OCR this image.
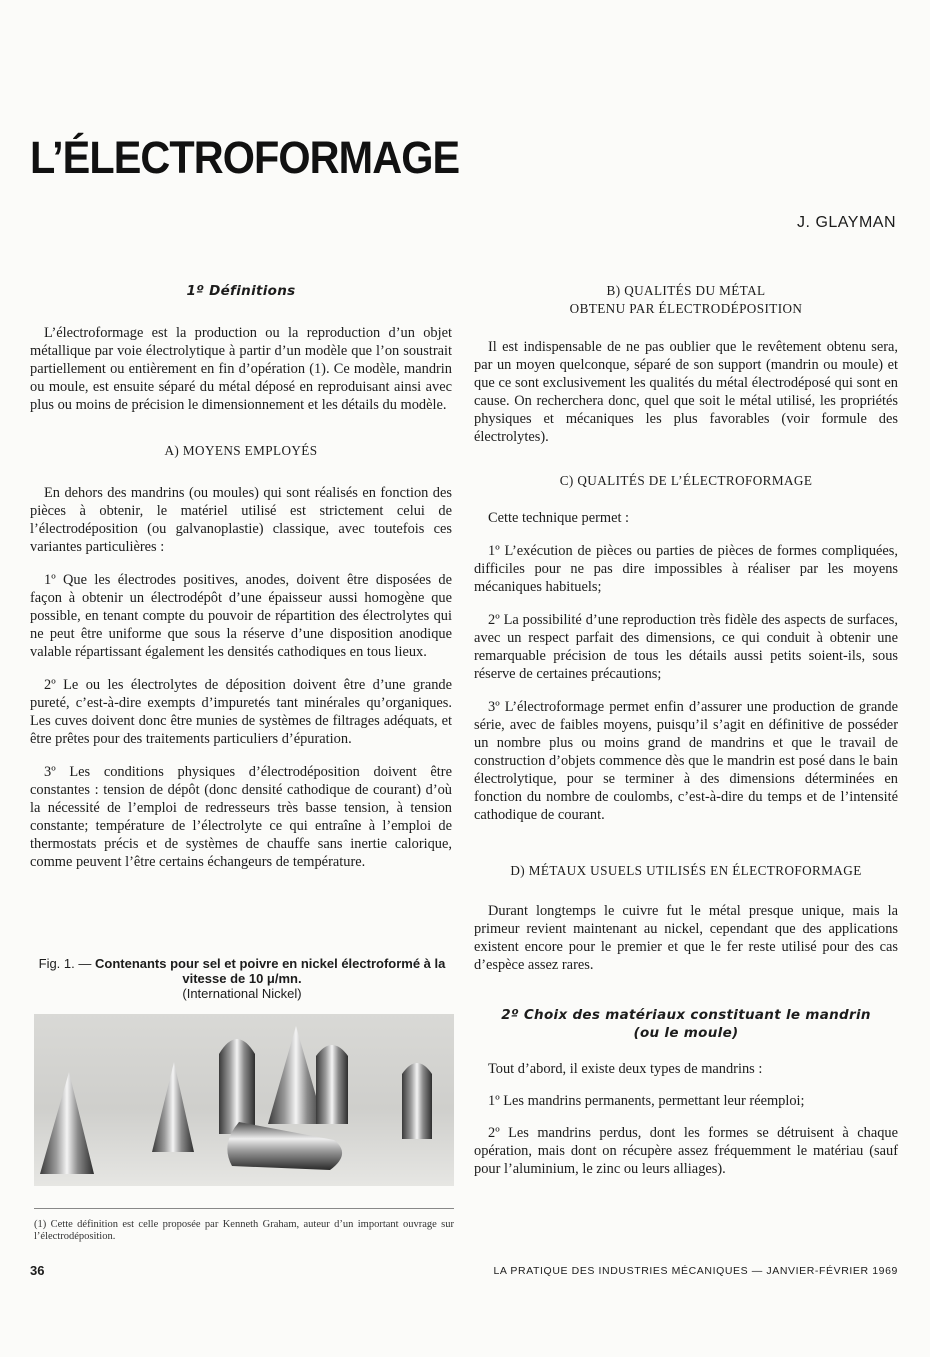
L’ÉLECTROFORMAGE
J. GLAYMAN
1º Définitions

L’électroformage est la production ou la reproduction d’un objet métallique par voie électrolytique à partir d’un modèle que l’on soustrait partiellement ou entièrement en fin d’opération (1). Ce modèle, mandrin ou moule, est ensuite séparé du métal déposé en reproduisant ainsi avec plus ou moins de précision le dimensionnement et les détails du modèle.

A) MOYENS EMPLOYÉS

En dehors des mandrins (ou moules) qui sont réalisés en fonction des pièces à obtenir, le matériel utilisé est strictement celui de l’électrodéposition (ou galvanoplastie) classique, avec toutefois ces variantes particulières :

1º Que les électrodes positives, anodes, doivent être disposées de façon à obtenir un électrodépôt d’une épaisseur aussi homogène que possible, en tenant compte du pouvoir de répartition des électrolytes qui ne peut être uniforme que sous la réserve d’une disposition anodique valable répartissant également les densités cathodiques en tous lieux.

2º Le ou les électrolytes de déposition doivent être d’une grande pureté, c’est-à-dire exempts d’impuretés tant minérales qu’organiques. Les cuves doivent donc être munies de systèmes de filtrages adéquats, et être prêtes pour des traitements particuliers d’épuration.

3º Les conditions physiques d’électrodéposition doivent être constantes : tension de dépôt (donc densité cathodique de courant) d’où la nécessité de l’emploi de redresseurs très basse tension, à tension constante; température de l’électrolyte ce qui entraîne à l’emploi de thermostats précis et de systèmes de chauffe sans inertie calorique, comme peuvent l’être certains échangeurs de température.

Fig. 1. — Contenants pour sel et poivre en nickel électroformé à la vitesse de 10 μ/mn.
(International Nickel)
(1) Cette définition est celle proposée par Kenneth Graham, auteur d’un important ouvrage sur l’électrodéposition.
B) QUALITÉS DU MÉTAL
OBTENU PAR ÉLECTRODÉPOSITION

Il est indispensable de ne pas oublier que le revêtement obtenu sera, par un moyen quelconque, séparé de son support (mandrin ou moule) et que ce sont exclusivement les qualités du métal électrodéposé qui sont en cause. On recherchera donc, quel que soit le métal utilisé, les propriétés physiques et mécaniques les plus favorables (voir formule des électrolytes).

C) QUALITÉS DE L’ÉLECTROFORMAGE

Cette technique permet :

1º L’exécution de pièces ou parties de pièces de formes compliquées, difficiles pour ne pas dire impossibles à réaliser par les moyens mécaniques habituels;

2º La possibilité d’une reproduction très fidèle des aspects de surfaces, avec un respect parfait des dimensions, ce qui conduit à obtenir une remarquable précision de tous les détails aussi petits soient-ils, sous réserve de certaines précautions;

3º L’électroformage permet enfin d’assurer une production de grande série, avec de faibles moyens, puisqu’il s’agit en définitive de posséder un nombre plus ou moins grand de mandrins et que le travail de construction d’objets commence dès que le mandrin est posé dans le bain électrolytique, pour se terminer à des dimensions déterminées en fonction du nombre de coulombs, c’est-à-dire du temps et de l’intensité cathodique de courant.

D) MÉTAUX USUELS UTILISÉS EN ÉLECTROFORMAGE

Durant longtemps le cuivre fut le métal presque unique, mais la primeur revient maintenant au nickel, cependant que des applications existent encore pour le premier et que le fer reste utilisé pour des cas d’espèce assez rares.

2º Choix des matériaux constituant le mandrin
(ou le moule)

Tout d’abord, il existe deux types de mandrins :

1º Les mandrins permanents, permettant leur réemploi;

2º Les mandrins perdus, dont les formes se détruisent à chaque opération, mais dont on récupère assez fréquemment le matériau (sauf pour l’aluminium, le zinc ou leurs alliages).

36	LA PRATIQUE DES INDUSTRIES MÉCANIQUES — JANVIER-FÉVRIER 1969
